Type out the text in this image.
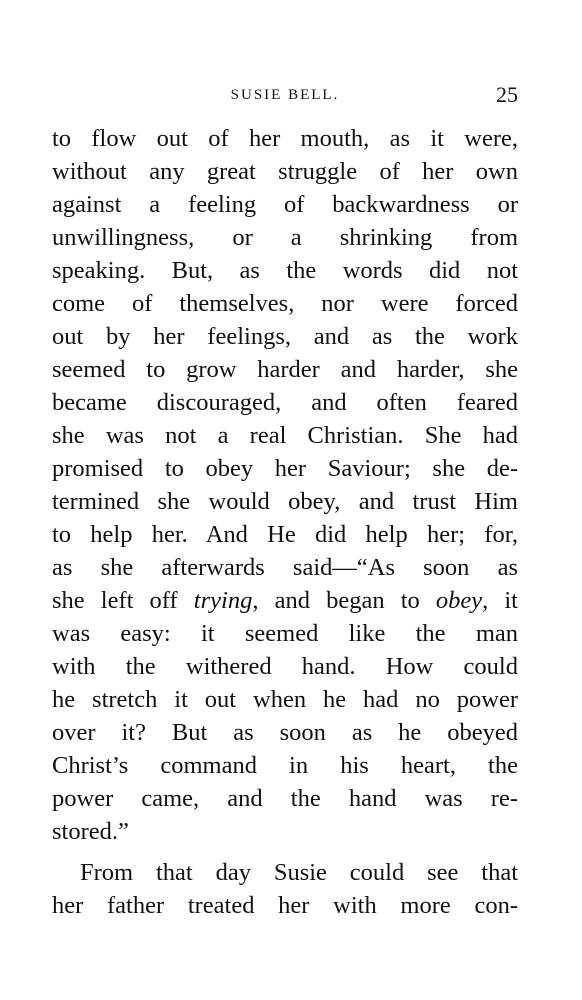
SUSIE BELL.	25
to flow out of her mouth, as it were,
without any great struggle of her own
against a feeling of backwardness or
unwillingness, or a shrinking from
speaking. But, as the words did not
come of themselves, nor were forced
out by her feelings, and as the work
seemed to grow harder and harder, she
became discouraged, and often feared
she was not a real Christian. She had
promised to obey her Saviour; she de-
termined she would obey, and trust Him
to help her. And He did help her; for,
as she afterwards said—“As soon as
she left off trying, and began to obey, it
was easy: it seemed like the man
with the withered hand. How could
he stretch it out when he had no power
over it? But as soon as he obeyed
Christ’s command in his heart, the
power came, and the hand was re-
stored.”
From that day Susie could see that
her father treated her with more con-
